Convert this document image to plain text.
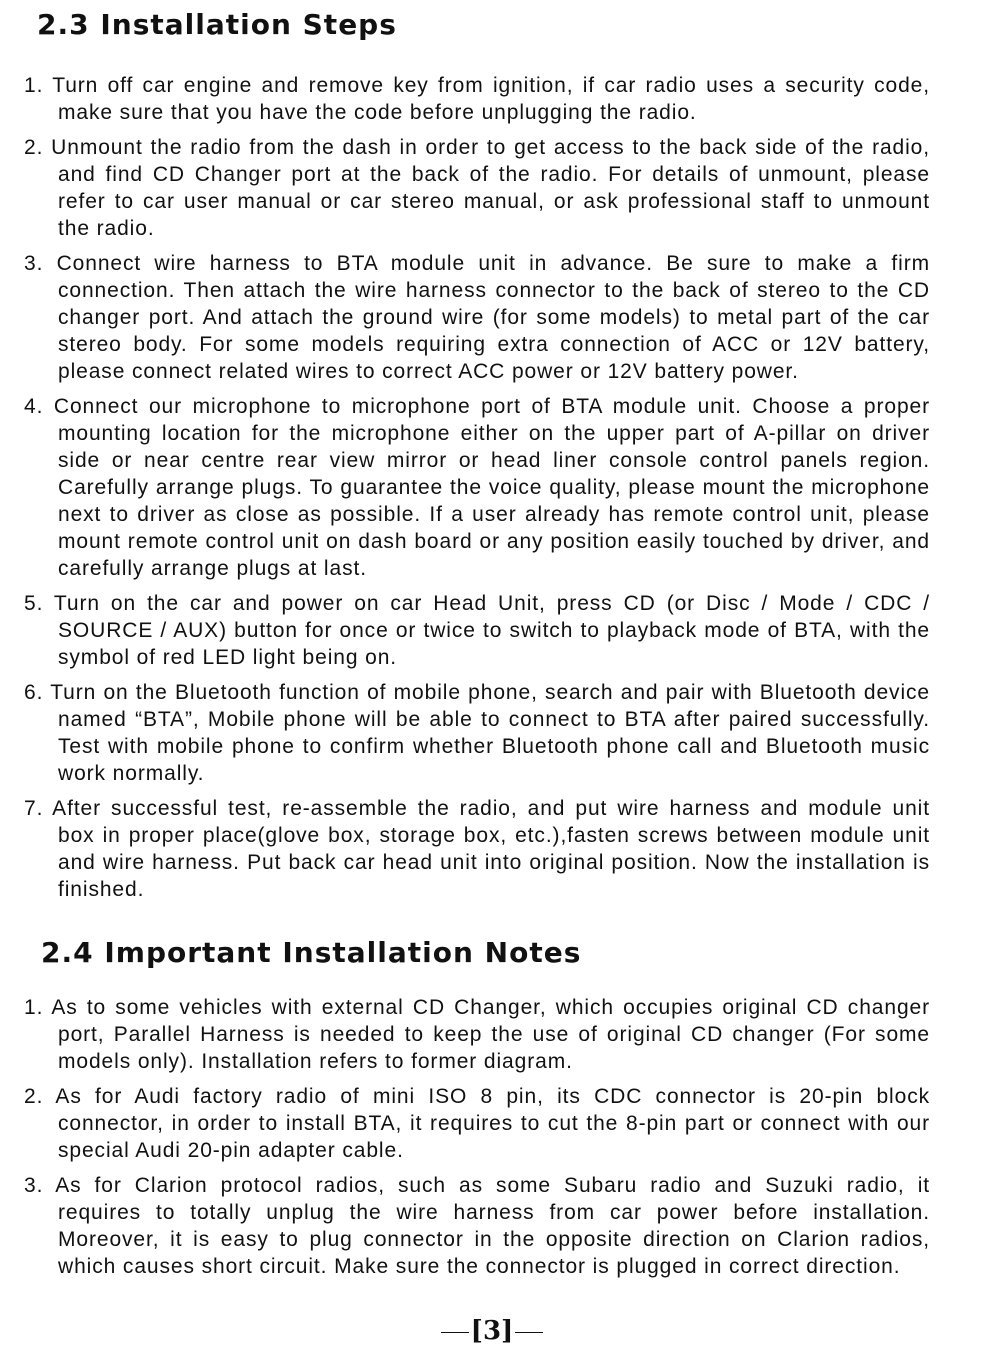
2.3 Installation Steps
1. Turn off car engine and remove key from ignition, if car radio uses a security code, make sure that you have the code before unplugging the radio.
2. Unmount the radio from the dash in order to get access to the back side of the radio, and find CD Changer port at the back of the radio. For details of unmount, please refer to car user manual or car stereo manual, or ask professional staff to unmount the radio.
3. Connect wire harness to BTA module unit in advance. Be sure to make a firm connection. Then attach the wire harness connector to the back of stereo to the CD changer port. And attach the ground wire (for some models) to metal part of the car stereo body. For some models requiring extra connection of ACC or 12V battery, please connect related wires to correct ACC power or 12V battery power.
4. Connect our microphone to microphone port of BTA module unit. Choose a proper mounting location for the microphone either on the upper part of A-pillar on driver side or near centre rear view mirror or head liner console control panels region. Carefully arrange plugs. To guarantee the voice quality, please mount the microphone next to driver as close as possible. If a user already has remote control unit, please mount remote control unit on dash board or any position easily touched by driver, and carefully arrange plugs at last.
5. Turn on the car and power on car Head Unit, press CD (or Disc / Mode / CDC / SOURCE / AUX) button for once or twice to switch to playback mode of BTA, with the symbol of red LED light being on.
6. Turn on the Bluetooth function of mobile phone, search and pair with Bluetooth device named “BTA”, Mobile phone will be able to connect to BTA after paired successfully. Test with mobile phone to confirm whether Bluetooth phone call and Bluetooth music work normally.
7. After successful test, re-assemble the radio, and put wire harness and module unit box in proper place(glove box, storage box, etc.),fasten screws between module unit and wire harness. Put back car head unit into original position. Now the installation is finished.
2.4 Important Installation Notes
1. As to some vehicles with external CD Changer, which occupies original CD changer port, Parallel Harness is needed to keep the use of original CD changer (For some models only). Installation refers to former diagram.
2. As for Audi factory radio of mini ISO 8 pin, its CDC connector is 20-pin block connector, in order to install BTA, it requires to cut the 8-pin part or connect with our special Audi 20-pin adapter cable.
3. As for Clarion protocol radios, such as some Subaru radio and Suzuki radio, it requires to totally unplug the wire harness from car power before installation. Moreover, it is easy to plug connector in the opposite direction on Clarion radios, which causes short circuit. Make sure the connector is plugged in correct direction.
[3]
